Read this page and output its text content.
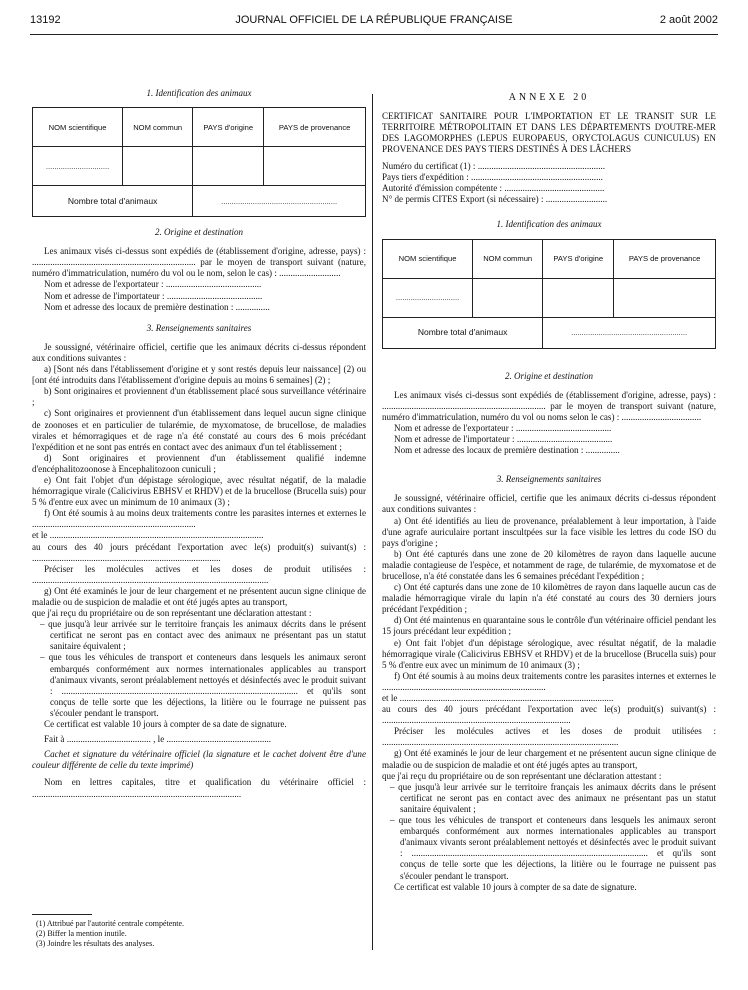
13192	JOURNAL OFFICIEL DE LA RÉPUBLIQUE FRANÇAISE	2 août 2002
1. Identification des animaux
NOM scientifique	NOM commun	PAYS d'origine	PAYS de provenance
..............................			
Nombre total d'animaux		.......................................................	
2. Origine et destination

Les animaux visés ci-dessus sont expédiés de (établissement d'origine, adresse, pays) : ........................................................................ par le moyen de transport suivant (nature, numéro d'immatriculation, numéro du vol ou le nom, selon le cas) : ...........................

Nom et adresse de l'exportateur : ..........................................

Nom et adresse de l'importateur : ..........................................

Nom et adresse des locaux de première destination : ...............

3. Renseignements sanitaires

Je soussigné, vétérinaire officiel, certifie que les animaux décrits ci-dessus répondent aux conditions suivantes :

a) [Sont nés dans l'établissement d'origine et y sont restés depuis leur naissance] (2) ou [ont été introduits dans l'établissement d'origine depuis au moins 6 semaines] (2) ;

b) Sont originaires et proviennent d'un établissement placé sous surveillance vétérinaire ;

c) Sont originaires et proviennent d'un établissement dans lequel aucun signe clinique de zoonoses et en particulier de tularémie, de myxomatose, de brucellose, de maladies virales et hémorragiques et de rage n'a été constaté au cours des 6 mois précédant l'expédition et ne sont pas entrés en contact avec des animaux d'un tel établissement ;

d) Sont originaires et proviennent d'un établissement qualifié indemne d'encéphalitozoonose à Encephalitozoon cuniculi ;

e) Ont fait l'objet d'un dépistage sérologique, avec résultat négatif, de la maladie hémorragique virale (Calicivirus EBHSV et RHDV) et de la brucellose (Brucella suis) pour 5 % d'entre eux avec un minimum de 10 animaux (3) ;

f) Ont été soumis à au moins deux traitements contre les parasites internes et externes le ........................................................................

et le ..............................................................................................

au cours des 40 jours précédant l'exportation avec le(s) produit(s) suivant(s) : ...................................................................................

Préciser les molécules actives et les doses de produit utilisées : ........................................................................................................

g) Ont été examinés le jour de leur chargement et ne présentent aucun signe clinique de maladie ou de suspicion de maladie et ont été jugés aptes au transport,

que j'ai reçu du propriétaire ou de son représentant une déclaration attestant :

– que jusqu'à leur arrivée sur le territoire français les animaux décrits dans le présent certificat ne seront pas en contact avec des animaux ne présentant pas un statut sanitaire équivalent ;

– que tous les véhicules de transport et conteneurs dans lesquels les animaux seront embarqués conformément aux normes internationales applicables au transport d'animaux vivants, seront préalablement nettoyés et désinfectés avec le produit suivant : ........................................................................................................ et qu'ils sont conçus de telle sorte que les déjections, la litière ou le fourrage ne puissent pas s'écouler pendant le transport.

Ce certificat est valable 10 jours à compter de sa date de signature.

Fait à ..................................... , le ..............................................

Cachet et signature du vétérinaire officiel (la signature et le cachet doivent être d'une couleur différente de celle du texte imprimé)

Nom en lettres capitales, titre et qualification du vétérinaire officiel : ............................................................................................

(1) Attribué par l'autorité centrale compétente.
(2) Biffer la mention inutile.
(3) Joindre les résultats des analyses.
ANNEXE 20
CERTIFICAT SANITAIRE POUR L'IMPORTATION ET LE TRANSIT SUR LE TERRITOIRE MÉTROPOLITAIN ET DANS LES DÉPARTEMENTS D'OUTRE-MER DES LAGOMORPHES (LEPUS EUROPAEUS, ORYCTOLAGUS CUNICULUS) EN PROVENANCE DES PAYS TIERS DESTINÉS À DES LÂCHERS

Numéro du certificat (1) : ........................................................

Pays tiers d'expédition : ..........................................................

Autorité d'émission compétente : ............................................

N° de permis CITES Export (si nécessaire) : ...........................

1. Identification des animaux
NOM scientifique	NOM commun	PAYS d'origine	PAYS de provenance
..............................			
Nombre total d'animaux		.......................................................	
2. Origine et destination

Les animaux visés ci-dessus sont expédiés de (établissement d'origine, adresse, pays) : ........................................................................ par le moyen de transport suivant (nature, numéro d'immatriculation, numéro du vol ou noms selon le cas) : ...................................

Nom et adresse de l'exportateur : ..........................................

Nom et adresse de l'importateur : ..........................................

Nom et adresse des locaux de première destination : ...............

3. Renseignements sanitaires

Je soussigné, vétérinaire officiel, certifie que les animaux décrits ci-dessus répondent aux conditions suivantes :

a) Ont été identifiés au lieu de provenance, préalablement à leur importation, à l'aide d'une agrafe auriculaire portant inscultpées sur la face visible les lettres du code ISO du pays d'origine ;

b) Ont été capturés dans une zone de 20 kilomètres de rayon dans laquelle aucune maladie contagieuse de l'espèce, et notamment de rage, de tularémie, de myxomatose et de brucellose, n'a été constatée dans les 6 semaines précédant l'expédition ;

c) Ont été capturés dans une zone de 10 kilomètres de rayon dans laquelle aucun cas de maladie hémorragique virale du lapin n'a été constaté au cours des 30 derniers jours précédant l'expédition ;

d) Ont été maintenus en quarantaine sous le contrôle d'un vétérinaire officiel pendant les 15 jours précédant leur expédition ;

e) Ont fait l'objet d'un dépistage sérologique, avec résultat négatif, de la maladie hémorragique virale (Calicivirus EBHSV et RHDV) et de la brucellose (Brucella suis) pour 5 % d'entre eux avec un minimum de 10 animaux (3) ;

f) Ont été soumis à au moins deux traitements contre les parasites internes et externes le ........................................................................

et le ..............................................................................................

au cours des 40 jours précédant l'exportation avec le(s) produit(s) suivant(s) : ...................................................................................

Préciser les molécules actives et les doses de produit utilisées : ........................................................................................................

g) Ont été examinés le jour de leur chargement et ne présentent aucun signe clinique de maladie ou de suspicion de maladie et ont été jugés aptes au transport,

que j'ai reçu du propriétaire ou de son représentant une déclaration attestant :

– que jusqu'à leur arrivée sur le territoire français les animaux décrits dans le présent certificat ne seront pas en contact avec des animaux ne présentant pas un statut sanitaire équivalent ;

– que tous les véhicules de transport et conteneurs dans lesquels les animaux seront embarqués conformément aux normes internationales applicables au transport d'animaux vivants seront préalablement nettoyés et désinfectés avec le produit suivant : ........................................................................................................ et qu'ils sont conçus de telle sorte que les déjections, la litière ou le fourrage ne puissent pas s'écouler pendant le transport.

Ce certificat est valable 10 jours à compter de sa date de signature.
